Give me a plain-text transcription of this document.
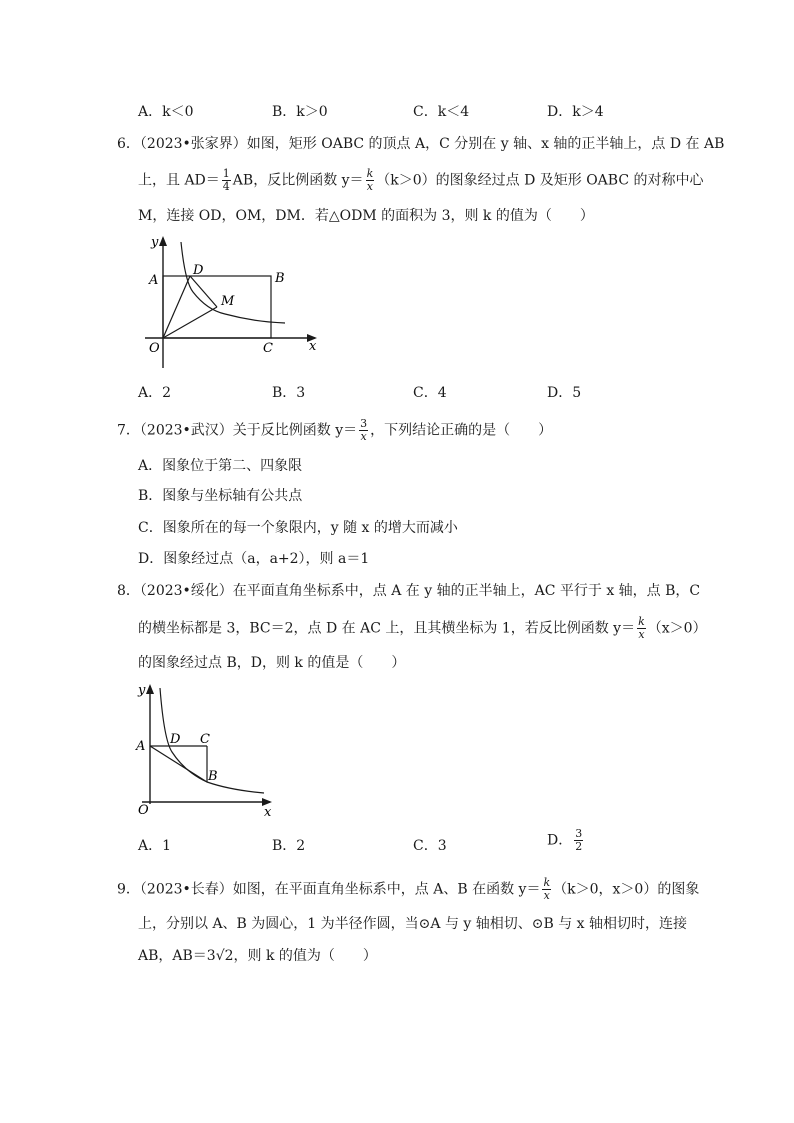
A．k＜0	B．k＞0	C．k＜4	D．k＞4
6．（2023•张家界）如图，矩形 OABC 的顶点 A，C 分别在 y 轴、x 轴的正半轴上，点 D 在 AB
上，且 $AD= \frac{1}{4}$ AB，反比例函数 $y= \frac{k}{x} (k>0)$的图象经过点 D 及矩形 OABC 的对称中心
M，连接 OD，OM，DM．若△ODM 的面积为 3，则 k 的值为（　　）
y
A
D
B
M
O	C	x
A．2	B．3	C．4	D．5
7．（2023•武汉）关于反比例函数 $y= \frac{3}{x}$ ，下列结论正确的是（　　）
A．图象位于第二、四象限
B．图象与坐标轴有公共点
C．图象所在的每一个象限内，y 随 x 的增大而减小
D．图象经过点（a，a+2），则 a＝1
8．（2023•绥化）在平面直角坐标系中，点 A 在 y 轴的正半轴上，AC 平行于 x 轴，点 B，C
的横坐标都是 3，BC＝2，点 D 在 AC 上，且其横坐标为 1，若反比例函数 $y= \frac{k}{x} (x>0)$
的图象经过点 B，D，则 k 的值是（　　）
y
A D C
B
O	x
A．1	B．2	C．3	D． $\frac{3}{2}$
9．（2023•长春）如图，在平面直角坐标系中，点 A、B 在函数 $y= \frac{k}{x} (k>0$，x＞0）的图象
上，分别以 A、B 为圆心，1 为半径作圆，当⊙A 与 y 轴相切、⊙B 与 x 轴相切时，连接
AB，AB＝3√2，则 k 的值为（　　）
